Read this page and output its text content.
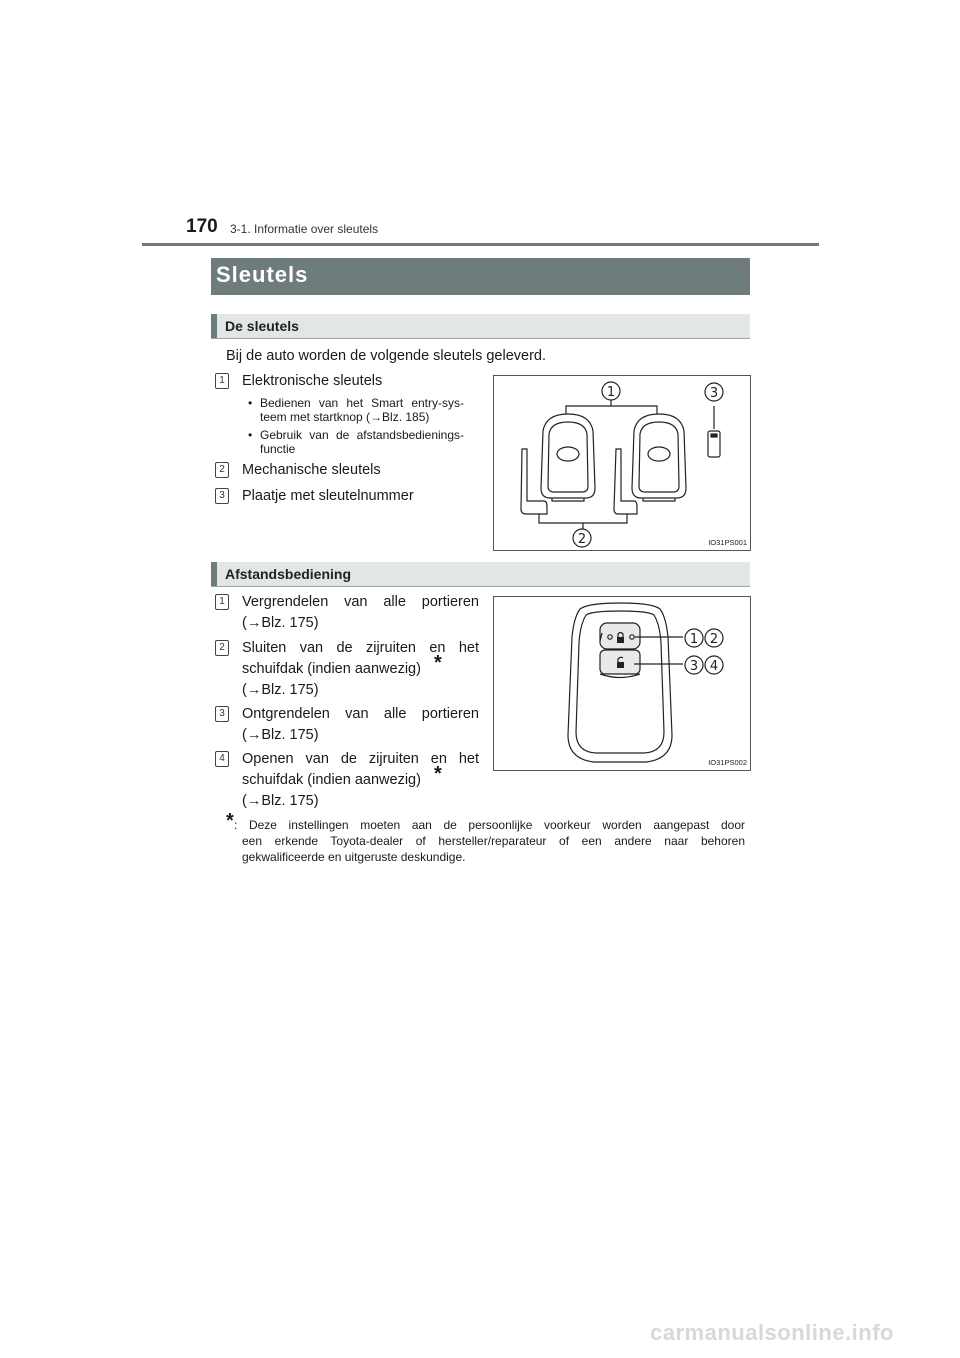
170 3-1. Informatie over sleutels
Sleutels
De sleutels
Bij de auto worden de volgende sleutels geleverd.
1 Elektronische sleutels
• Bedienen van het Smart entry-sys-
teem met startknop (→Blz. 185)
• Gebruik van de afstandsbedienings-
functie
2 Mechanische sleutels
3 Plaatje met sleutelnummer
1	3
2	IO31PS001
Afstandsbediening
1 Vergrendelen van alle portieren
(→Blz. 175)
2 Sluiten van de zijruiten en het
schuifdak (indien aanwezig) *
(→Blz. 175)
3 Ontgrendelen van alle portieren
(→Blz. 175)
4 Openen van de zijruiten en het
schuifdak (indien aanwezig) *
(→Blz. 175)
1 2
3 4
IO31PS002
* : Deze instellingen moeten aan de persoonlijke voorkeur worden aangepast door
een erkende Toyota-dealer of hersteller/reparateur of een andere naar behoren
gekwalificeerde en uitgeruste deskundige.
carmanualsonline.info
